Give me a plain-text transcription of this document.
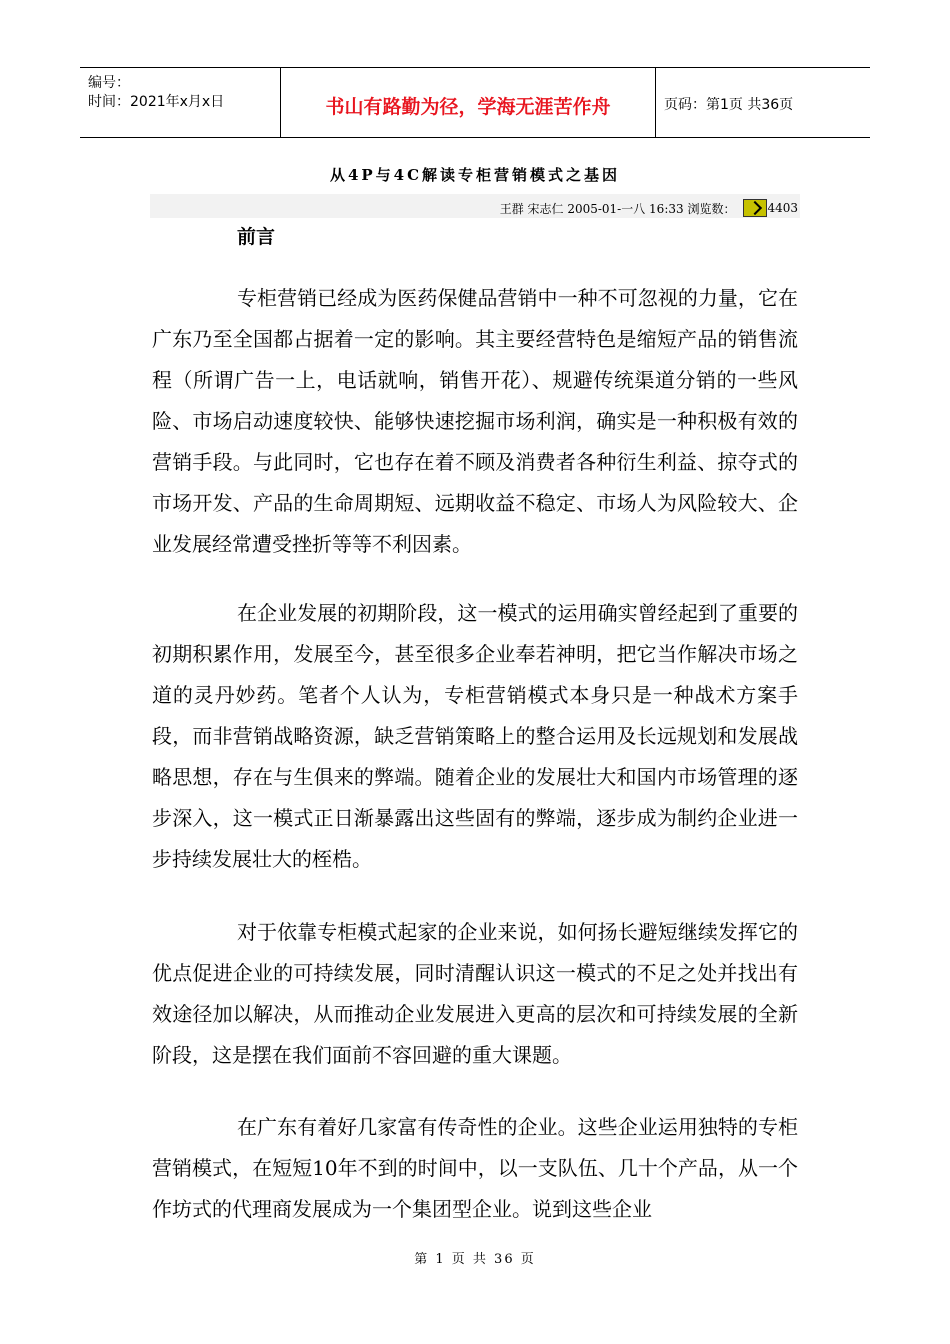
编号：
时间：2021年x月x日	书山有路勤为径，学海无涯苦作舟	页码：第1页 共36页
从4P与4C解读专柜营销模式之基因
王群 宋志仁 2005-01-一八 16:33 浏览数：	4403
前言

专柜营销已经成为医药保健品营销中一种不可忽视的力量，它在广东乃至全国都占据着一定的影响。其主要经营特色是缩短产品的销售流程（所谓广告一上，电话就响，销售开花）、规避传统渠道分销的一些风险、市场启动速度较快、能够快速挖掘市场利润，确实是一种积极有效的营销手段。与此同时，它也存在着不顾及消费者各种衍生利益、掠夺式的市场开发、产品的生命周期短、远期收益不稳定、市场人为风险较大、企业发展经常遭受挫折等等不利因素。

在企业发展的初期阶段，这一模式的运用确实曾经起到了重要的初期积累作用，发展至今，甚至很多企业奉若神明，把它当作解决市场之道的灵丹妙药。笔者个人认为，专柜营销模式本身只是一种战术方案手段，而非营销战略资源，缺乏营销策略上的整合运用及长远规划和发展战略思想，存在与生俱来的弊端。随着企业的发展壮大和国内市场管理的逐步深入，这一模式正日渐暴露出这些固有的弊端，逐步成为制约企业进一步持续发展壮大的桎梏。

对于依靠专柜模式起家的企业来说，如何扬长避短继续发挥它的优点促进企业的可持续发展，同时清醒认识这一模式的不足之处并找出有效途径加以解决，从而推动企业发展进入更高的层次和可持续发展的全新阶段，这是摆在我们面前不容回避的重大课题。

在广东有着好几家富有传奇性的企业。这些企业运用独特的专柜营销模式，在短短10年不到的时间中，以一支队伍、几十个产品，从一个作坊式的代理商发展成为一个集团型企业。说到这些企业

第 1 页 共 36 页
